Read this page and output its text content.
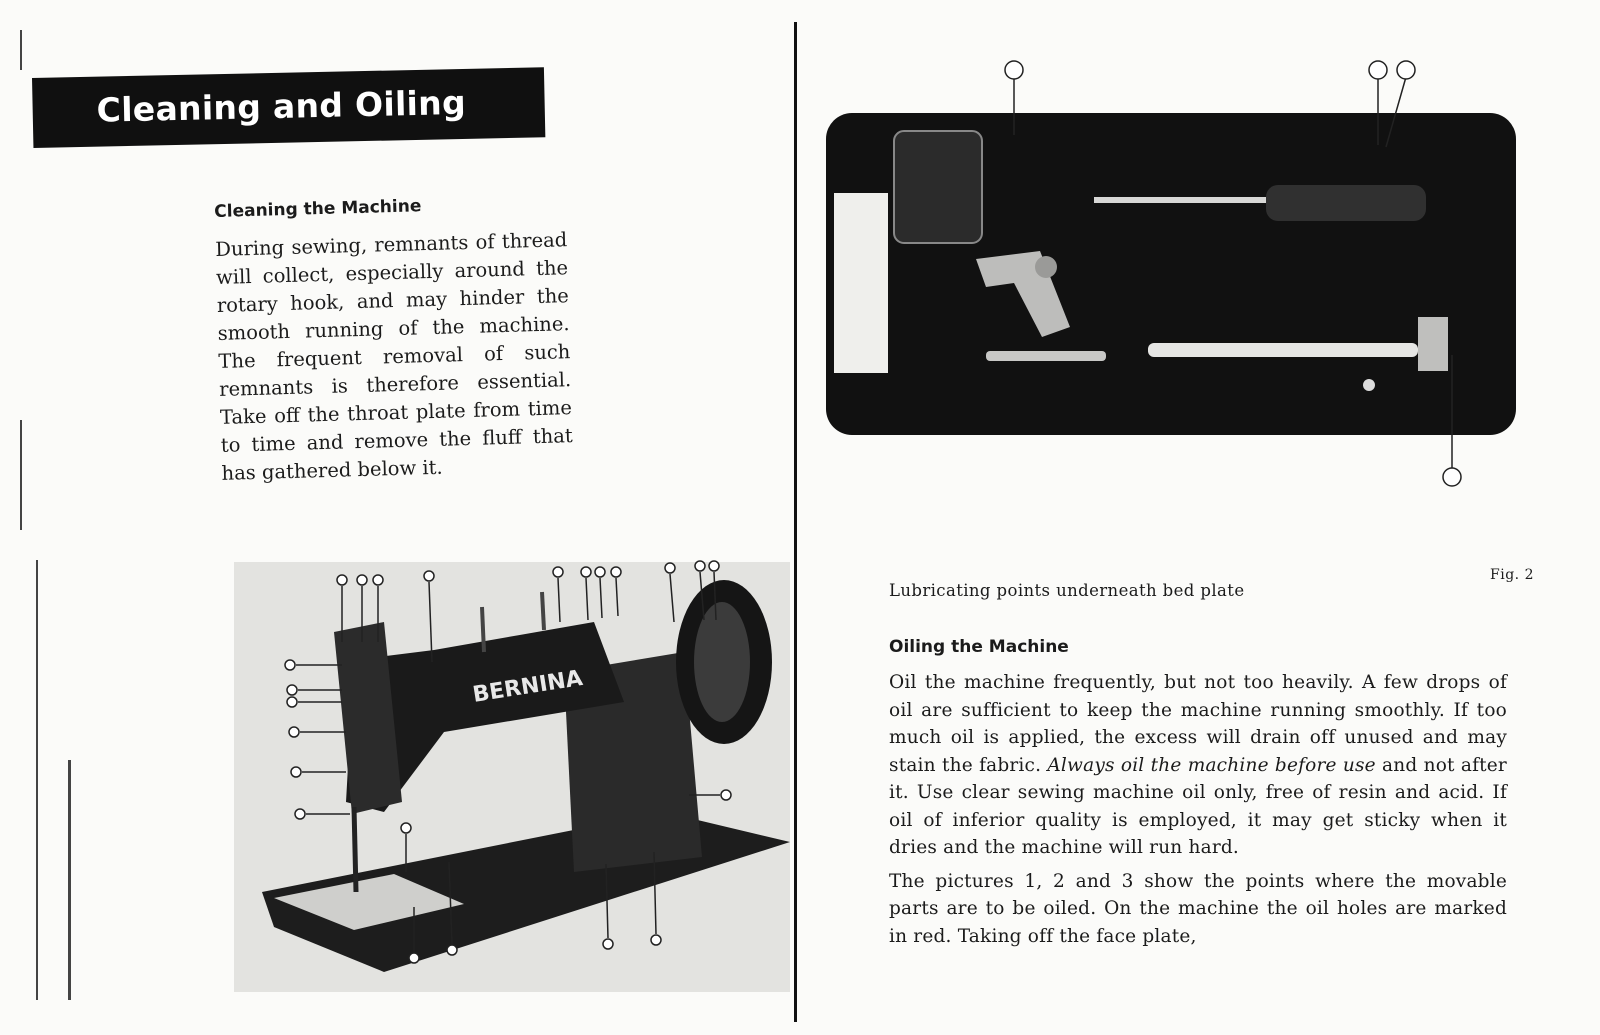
Cleaning and Oiling
Cleaning the Machine

During sewing, remnants of thread will collect, especially around the rotary hook, and may hinder the smooth running of the machine. The frequent removal of such remnants is therefore essential. Take off the throat plate from time to time and remove the fluff that has gathered below it.

BERNINA
Fig. 2
Lubricating points underneath bed plate
Oiling the Machine

Oil the machine frequently, but not too heavily. A few drops of oil are sufficient to keep the machine running smoothly. If too much oil is applied, the excess will drain off unused and may stain the fabric. Always oil the machine before use and not after it. Use clear sewing machine oil only, free of resin and acid. If oil of inferior quality is employed, it may get sticky when it dries and the machine will run hard.

The pictures 1, 2 and 3 show the points where the movable parts are to be oiled. On the machine the oil holes are marked in red. Taking off the face plate,
